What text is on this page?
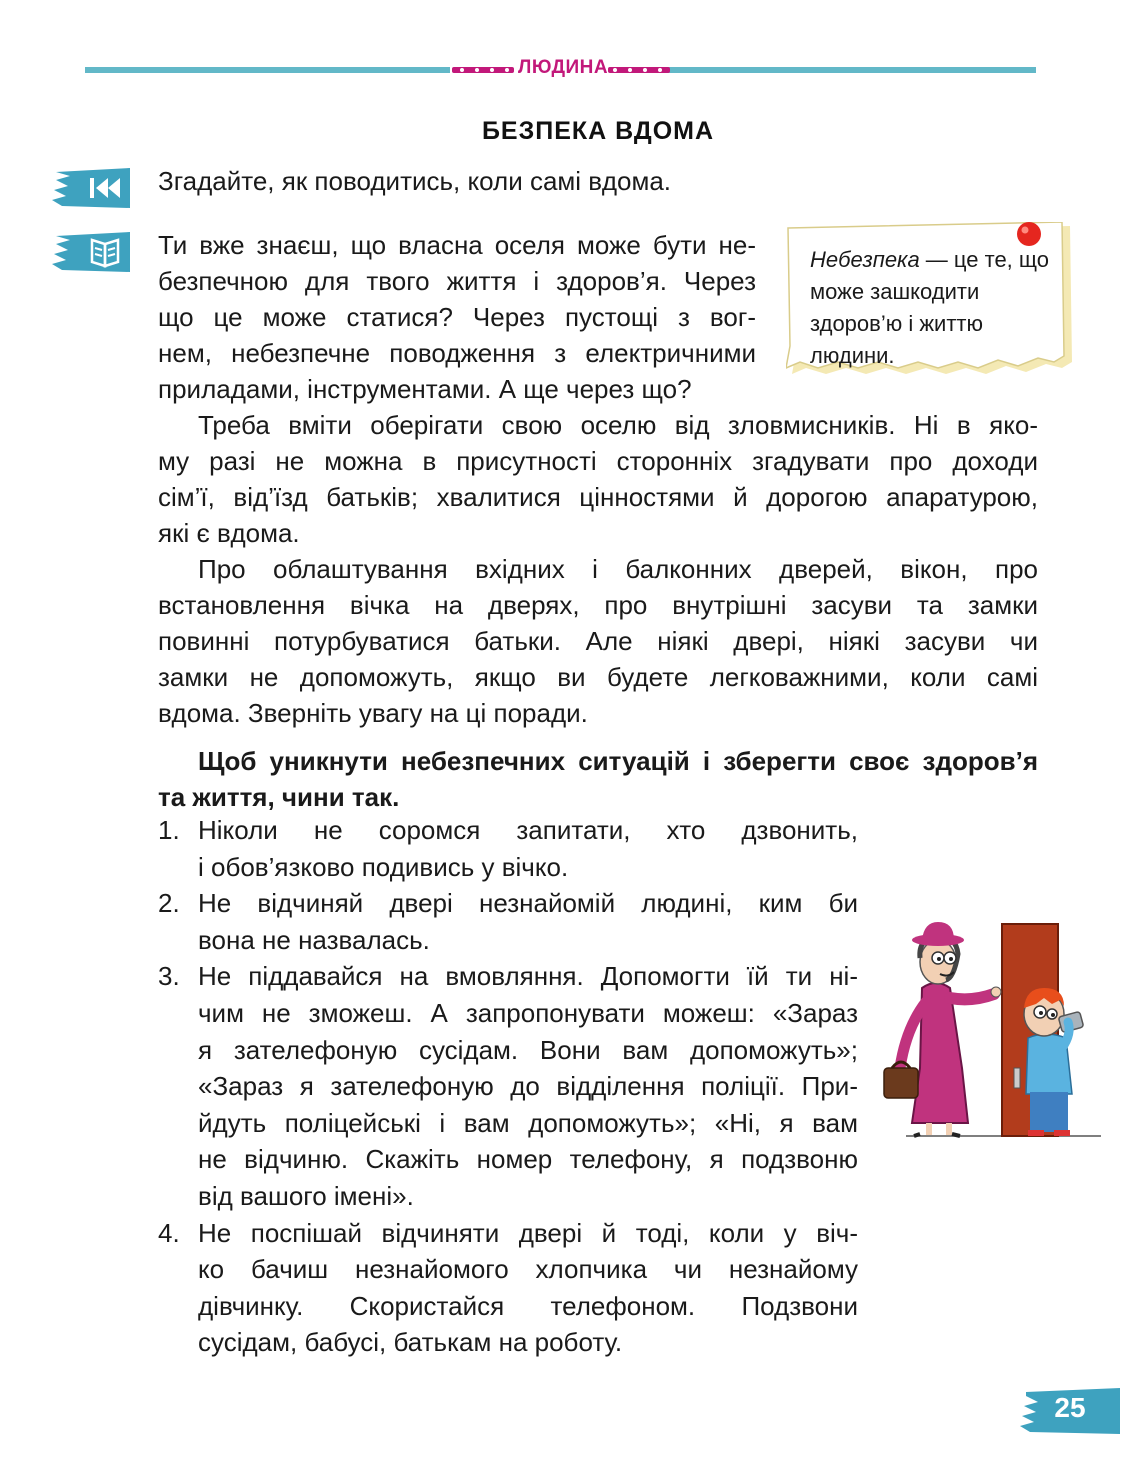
ЛЮДИНА
БЕЗПЕКА ВДОМА

Згадайте, як поводитись, коли самі вдома.

Ти вже знаєш, що власна оселя може бути не-
безпечною для твого життя і здоров’я. Через
що це може статися? Через пустощі з вог-
нем, небезпечне поводження з електричними
приладами, інструментами. А ще через що?

Небезпека — це те, що може зашкодити здоров’ю і життю людини.

Треба вміти оберігати свою оселю від зловмисників. Ні в яко-
му разі не можна в присутності сторонніх згадувати про доходи
сім’ї, від’їзд батьків; хвалитися цінностями й дорогою апаратурою,
які є вдома.
Про облаштування вхідних і балконних дверей, вікон, про
встановлення вічка на дверях, про внутрішні засуви та замки
повинні потурбуватися батьки. Але ніякі двері, ніякі засуви чи
замки не допоможуть, якщо ви будете легковажними, коли самі
вдома. Зверніть увагу на ці поради.
Щоб уникнути небезпечних ситуацій і зберегти своє здоров’я
та життя, чини так.
1. Ніколи не соромся запитати, хто дзвонить,
і обов’язково подивись у вічко.
2. Не відчиняй двері незнайомій людині, ким би
вона не назвалась.
3. Не піддавайся на вмовляння. Допомогти їй ти ні-
чим не зможеш. А запропонувати можеш: «Зараз
я зателефоную сусідам. Вони вам допоможуть»;
«Зараз я зателефоную до відділення поліції. При-
йдуть поліцейські і вам допоможуть»; «Ні, я вам
не відчиню. Скажіть номер телефону, я подзвоню
від вашого імені».
4. Не поспішай відчиняти двері й тоді, коли у віч-
ко бачиш незнайомого хлопчика чи незнайому
дівчинку. Скористайся телефоном. Подзвони
сусідам, бабусі, батькам на роботу.
25
